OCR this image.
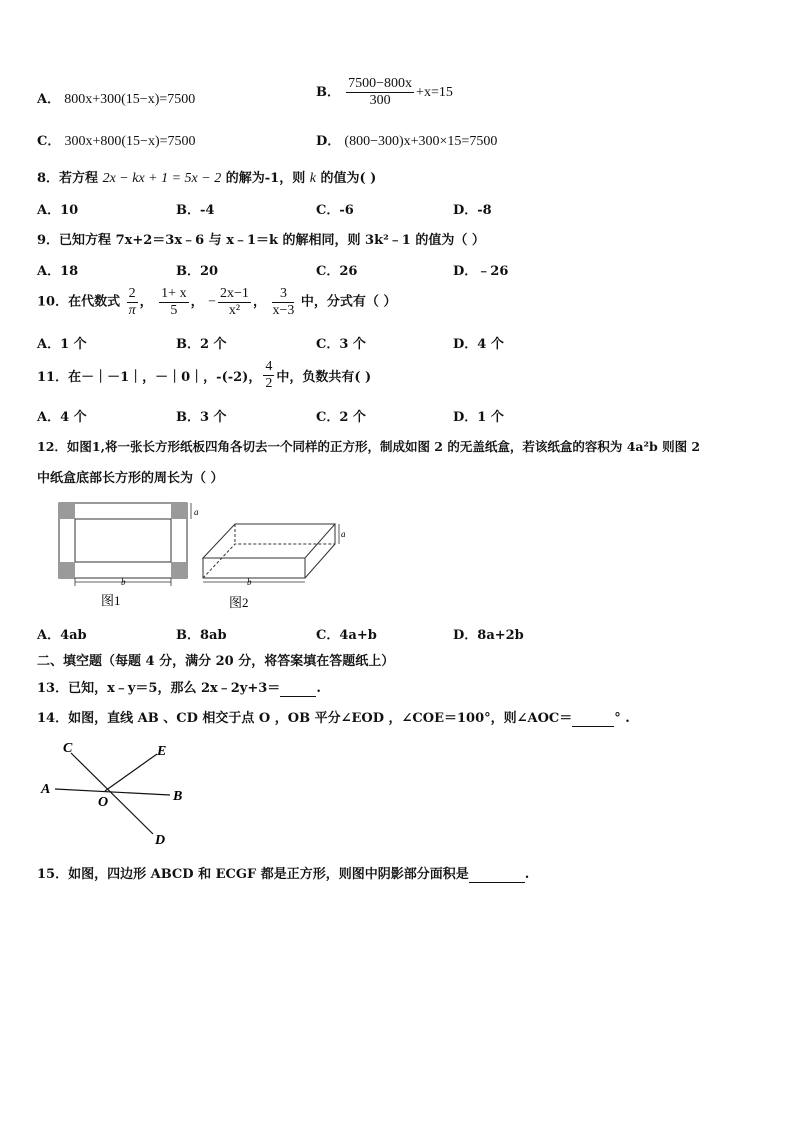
A． 800x+300(15−x)=7500	B． $\frac{7500-800x}{300} +x=15$
C． 300x+800(15−x)=7500	D． (800−300)x+300×15=7500
8．若方程 2x − kx + 1 = 5x − 2 的解为-1，则 k 的值为( )
A．10	B．-4	C．-6	D．-8
9．已知方程 7x+2＝3x﹣6 与 x﹣1＝k 的解相同，则 3k²﹣1 的值为（ ）
A．18	B．20	C．26	D．﹣26
10．在代数式 $\frac{2}{\pi}$ ， $\frac{1+ x}{5}$ ， − $\frac{2x-1}{\text{x²}}$ ， $\frac{3}{x-3}$ 中，分式有（ ）
A．1 个	B．2 个	C．3 个	D．4 个
11．在－｜－1｜，－｜0｜，-(-2)， $\frac{4}{2}$ 中，负数共有( )
A．4 个	B．3 个	C．2 个	D．1 个
12．如图1,将一张长方形纸板四角各切去一个同样的正方形，制成如图 2 的无盖纸盒，若该纸盒的容积为 4a²b 则图 2
中纸盒底部长方形的周长为（ ）
a
b
图1
a
b
图2
A．4ab	B．8ab	C．4a+b	D．8a+2b
二、填空题（每题 4 分，满分 20 分，将答案填在答题纸上）
13．已知，x﹣y＝5，那么 2x﹣2y+3＝	.
14．如图，直线 AB 、CD 相交于点 O ，OB 平分∠EOD ，∠COE＝100°，则∠AOC＝	° .
C	E
A	B
O
D
15．如图，四边形 ABCD 和 ECGF 都是正方形，则图中阴影部分面积是	.
